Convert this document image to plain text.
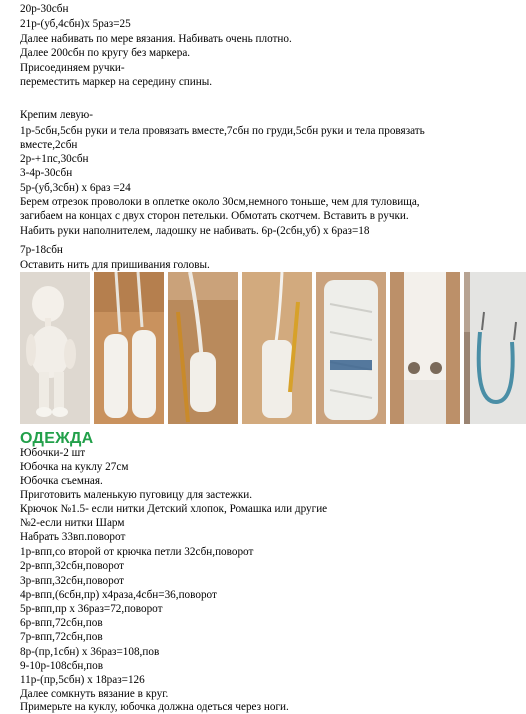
20р-30сбн
21р-(уб,4сбн)х 5раз=25
Далее набивать по мере вязания. Набивать очень плотно.
Далее 200сбн по кругу без маркера.
Присоединяем ручки-
переместить маркер на середину спины.
Крепим левую-
1р-5сбн,5сбн руки и тела провязать вместе,7сбн по груди,5сбн руки и тела провязать
вместе,2сбн
2р-+1пс,30сбн
3-4р-30сбн
5р-(уб,3сбн) х 6раз =24
Берем отрезок проволоки в оплетке около 30см,немного тоньше, чем для туловища,
загибаем на концах с двух сторон петельки. Обмотать скотчем. Вставить в ручки.
Набить руки наполнителем, ладошку не набивать. 6р-(2сбн,уб) х 6раз=18
7р-18сбн
Оставить нить для пришивания головы.
ОДЕЖДА
Юбочки-2 шт
Юбочка на куклу 27см
Юбочка съемная.
Приготовить маленькую пуговицу для застежки.
Крючок №1.5- если нитки Детский хлопок, Ромашка или другие
№2-если нитки Шарм
Набрать 33вп.поворот
1р-впп,со второй от крючка петли 32сбн,поворот
2р-впп,32сбн,поворот
3р-впп,32сбн,поворот
4р-впп,(6сбн,пр) х4раза,4сбн=36,поворот
5р-впп,пр х 36раз=72,поворот
6р-впп,72сбн,пов
7р-впп,72сбн,пов
8р-(пр,1сбн) х 36раз=108,пов
9-10р-108сбн,пов
11р-(пр,5сбн) х 18раз=126
Далее сомкнуть вязание в круг.
Примерьте на куклу, юбочка должна одеться через ноги.
